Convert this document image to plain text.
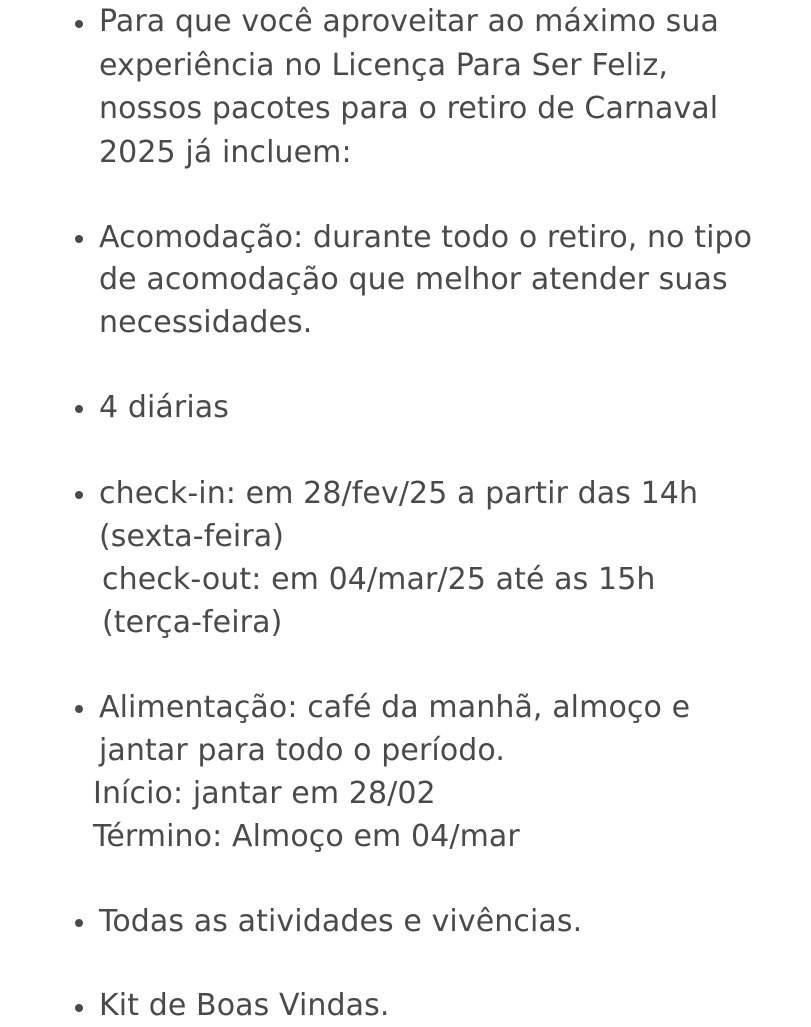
Para que você aproveitar ao máximo sua
experiência no Licença Para Ser Feliz,
nossos pacotes para o retiro de Carnaval
2025 já incluem:
Acomodação: durante todo o retiro, no tipo
de acomodação que melhor atender suas
necessidades.
4 diárias
check-in: em 28/fev/25 a partir das 14h
(sexta-feira)
check-out: em 04/mar/25 até as 15h
(terça-feira)
Alimentação: café da manhã, almoço e
jantar para todo o período.
Início: jantar em 28/02
Término: Almoço em 04/mar
Todas as atividades e vivências.
Kit de Boas Vindas.
